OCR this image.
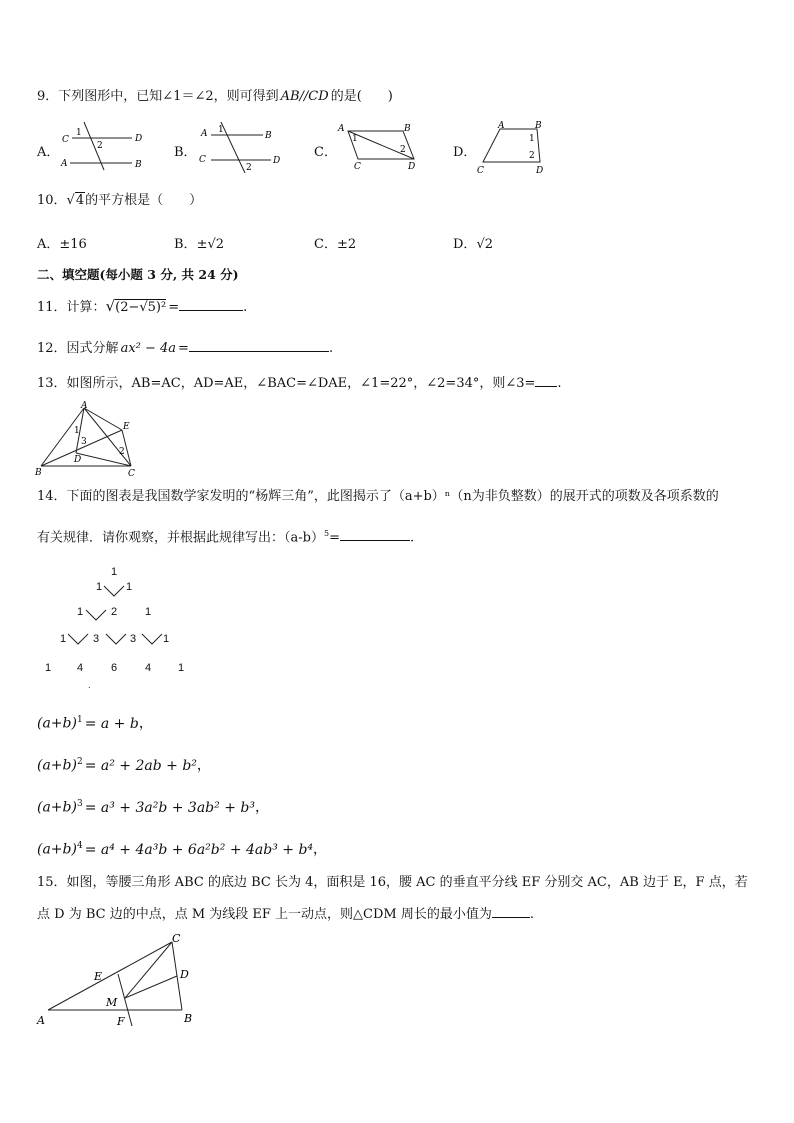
9．下列图形中，已知∠1＝∠2，则可得到 AB//CD 的是(　　)
A．
C	D
A	B
1
2	B．
A	B
C	D
1
2
C．
A	B
C	D
1
2	D．
A	B
C	D
1
2
10．√4的平方根是（　　）
A．±16	B．±√2	C．±2	D．√2
二、填空题(每小题 3 分, 共 24 分)
11．计算：√(2−√5)² =	.
12．因式分解 ax² − 4a =	.
13．如图所示，AB=AC，AD=AE，∠BAC=∠DAE，∠1=22°，∠2=34°，则∠3= .
A
B	C
D
E
1
2
3
14．下面的图表是我国数学家发明的“杨辉三角”，此图揭示了（a+b）ⁿ（n为非负整数）的展开式的项数及各项系数的
有关规律．请你观察，并根据此规律写出：$(a-b)^5=$	.
1
1 1
1	2	1
1 3	3 1
1 4	6	4 1
.
$(a+b)^1 = a + b$，
$(a+b)^2 = a^2 + 2ab + b^2$，
$(a+b)^3 = a^3 + 3a^2b + 3ab^2 + b^3$，
$(a+b)^4 = a^4 + 4a^3b + 6a^2b^2 + 4ab^3 + b^4$，
15．如图，等腰三角形 ABC 的底边 BC 长为 4，面积是 16，腰 AC 的垂直平分线 EF 分别交 AC，AB 边于 E，F 点，若
点 D 为 BC 边的中点，点 M 为线段 EF 上一动点，则△CDM 周长的最小值为	.
A	B
C
D
E
F
M
